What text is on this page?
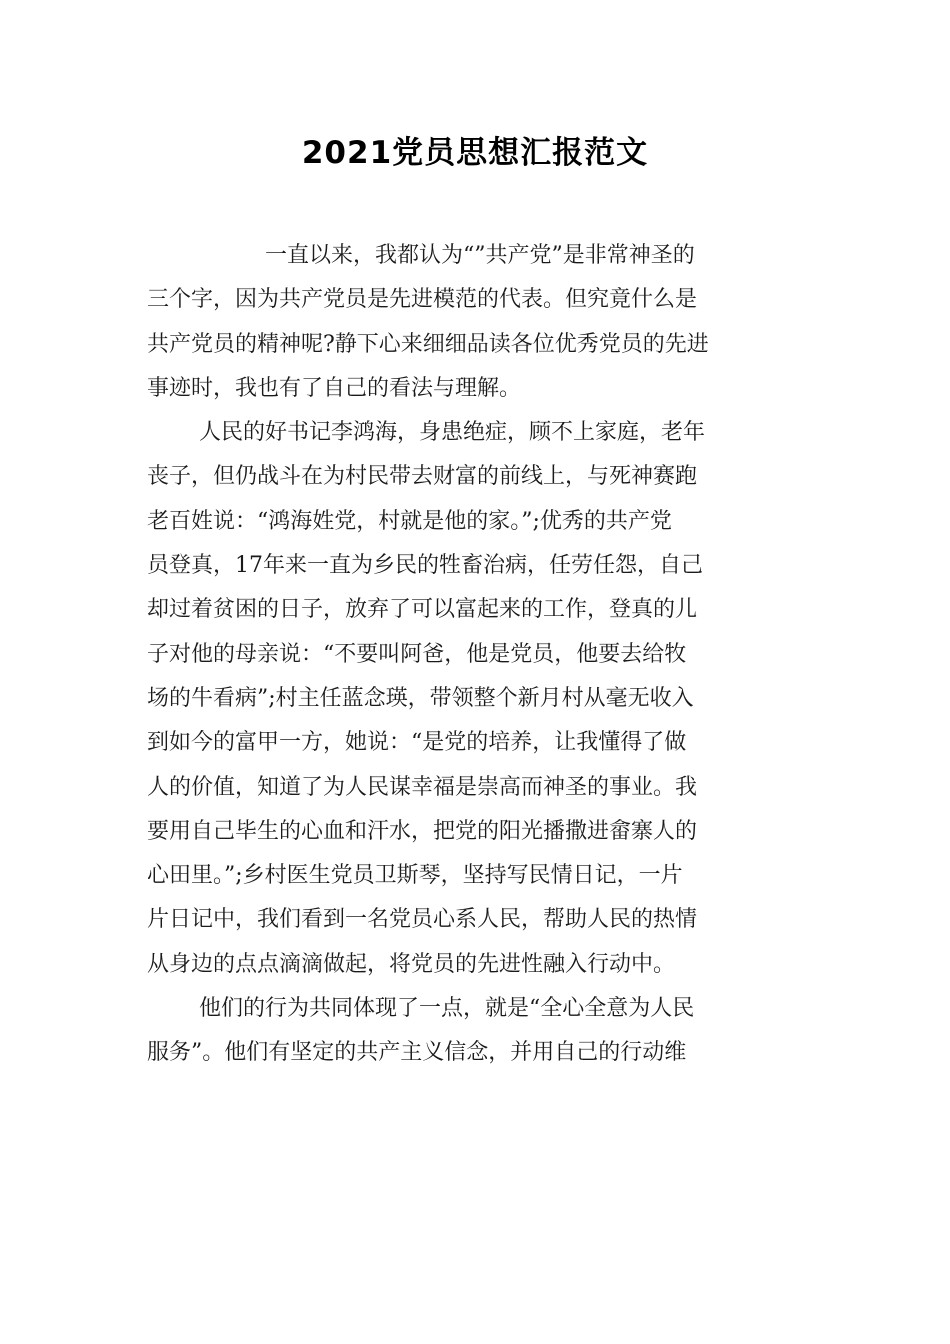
2021党员思想汇报范文
一直以来，我都认为“”共产党”是非常神圣的
三个字，因为共产党员是先进模范的代表。但究竟什么是
共产党员的精神呢?静下心来细细品读各位优秀党员的先进
事迹时，我也有了自己的看法与理解。
人民的好书记李鸿海，身患绝症，顾不上家庭，老年
丧子，但仍战斗在为村民带去财富的前线上，与死神赛跑
老百姓说：“鸿海姓党，村就是他的家。”;优秀的共产党
员登真，17年来一直为乡民的牲畜治病，任劳任怨，自己
却过着贫困的日子，放弃了可以富起来的工作，登真的儿
子对他的母亲说：“不要叫阿爸，他是党员，他要去给牧
场的牛看病”;村主任蓝念瑛，带领整个新月村从毫无收入
到如今的富甲一方，她说：“是党的培养，让我懂得了做
人的价值，知道了为人民谋幸福是崇高而神圣的事业。我
要用自己毕生的心血和汗水，把党的阳光播撒进畲寨人的
心田里。”;乡村医生党员卫斯琴，坚持写民情日记，一片
片日记中，我们看到一名党员心系人民，帮助人民的热情
从身边的点点滴滴做起，将党员的先进性融入行动中。
他们的行为共同体现了一点，就是“全心全意为人民
服务”。他们有坚定的共产主义信念，并用自己的行动维
